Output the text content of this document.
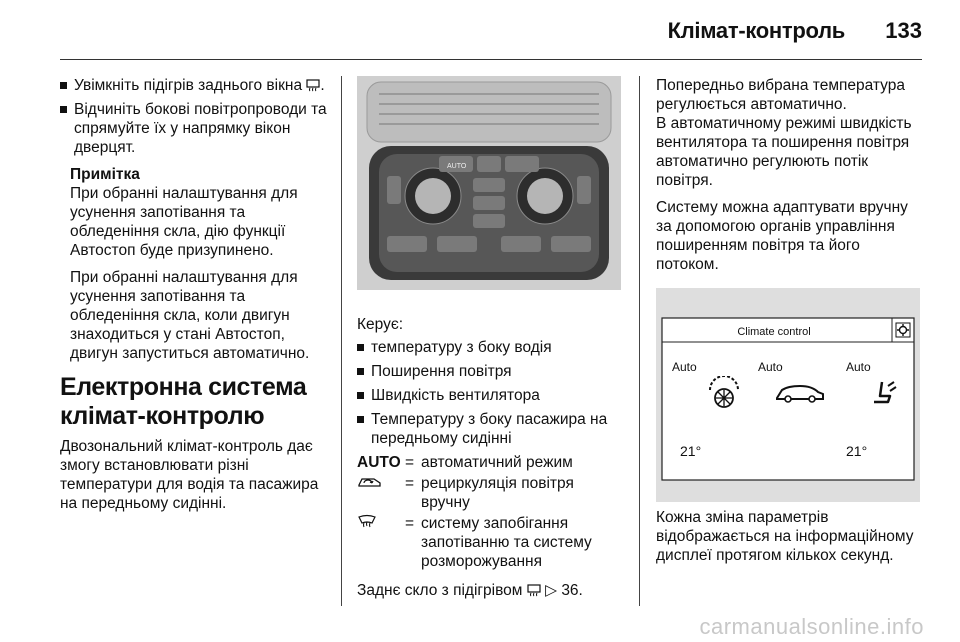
Клімат-контроль 133
Увімкніть підігрів заднього вікна .
Відчиніть бокові повітропроводи та спрямуйте їх у напрямку вікон дверцят.
Примітка

При обранні налаштування для усунення запотівання та обледеніння скла, дію функції Автостоп буде призупинено.

При обранні налаштування для усунення запотівання та обледеніння скла, коли двигун знаходиться у стані Автостоп, двигун запуститься автоматично.

Електронна система клімат-контролю

Двозональний клімат-контроль дає змогу встановлювати різні температури для водія та пасажира на передньому сидінні.

AUTO

Керує:

температуру з боку водія
Поширення повітря
Швидкість вентилятора
Температуру з боку пасажира на передньому сидінні
AUTO = автоматичний режим
= рециркуляція повітря вручну
= систему запобігання запотіванню та систему розморожування

Заднє скло з підігрівом ▷ 36.

Попередньо вибрана температура регулюється автоматично.

В автоматичному режимі швидкість вентилятора та поширення повітря автоматично регулюють потік повітря.

Систему можна адаптувати вручну за допомогою органів управління поширенням повітря та його потоком.

Climate control
Auto	Auto	Auto
21°	21°

Кожна зміна параметрів відображається на інформаційному дисплеї протягом кількох секунд.

carmanualsonline.info
